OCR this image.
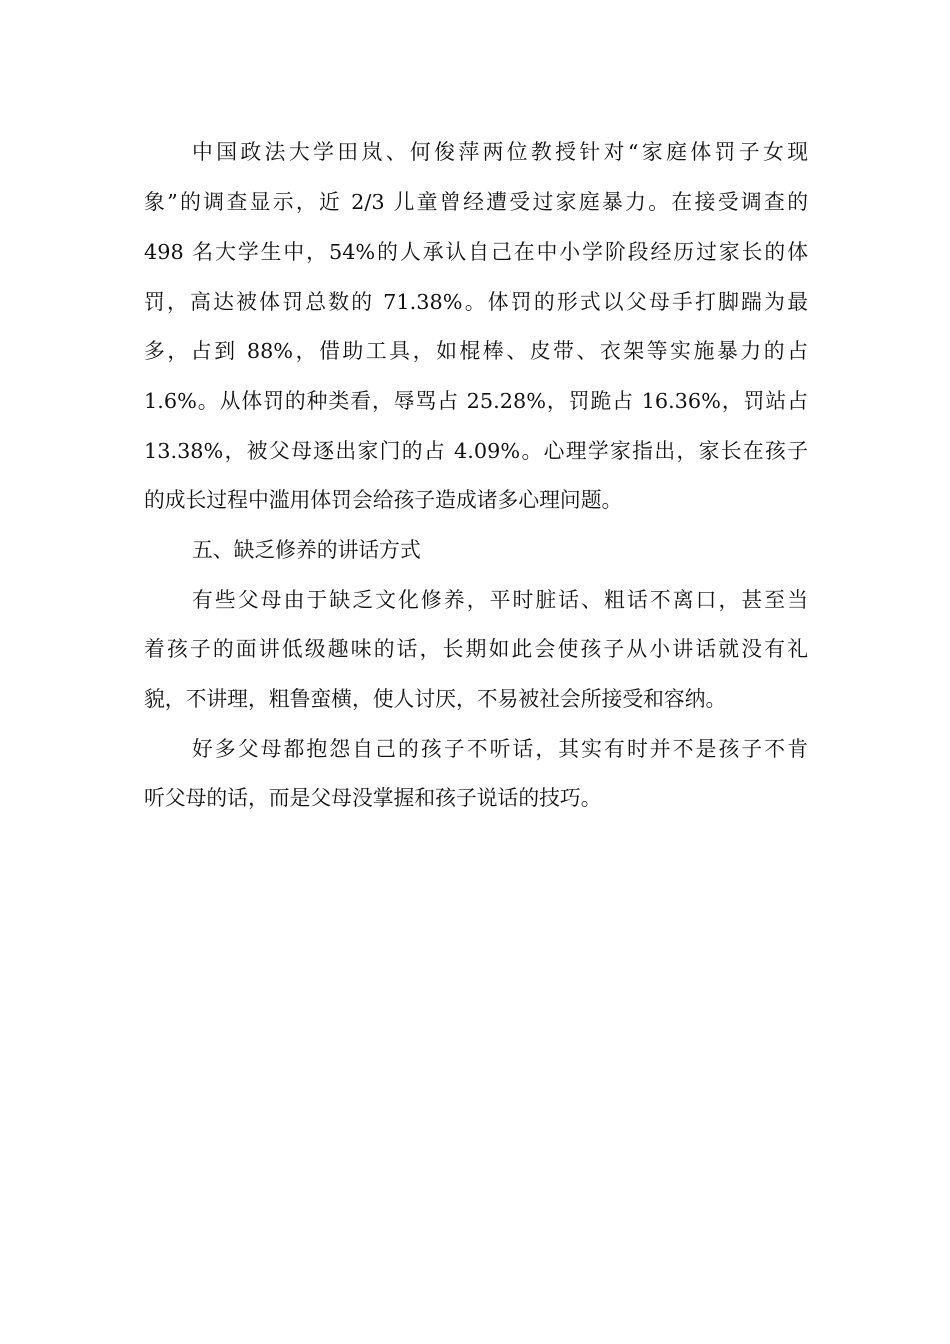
中国政法大学田岚、何俊萍两位教授针对“家庭体罚子女现
象”的调查显示，近 2/3 儿童曾经遭受过家庭暴力。在接受调查的
498 名大学生中，54%的人承认自己在中小学阶段经历过家长的体
罚，高达被体罚总数的 71.38%。体罚的形式以父母手打脚踹为最
多，占到 88%，借助工具，如棍棒、皮带、衣架等实施暴力的占
1.6%。从体罚的种类看，辱骂占 25.28%，罚跪占 16.36%，罚站占
13.38%，被父母逐出家门的占 4.09%。心理学家指出，家长在孩子
的成长过程中滥用体罚会给孩子造成诸多心理问题。
五、缺乏修养的讲话方式
有些父母由于缺乏文化修养，平时脏话、粗话不离口，甚至当
着孩子的面讲低级趣味的话，长期如此会使孩子从小讲话就没有礼
貌，不讲理，粗鲁蛮横，使人讨厌，不易被社会所接受和容纳。
好多父母都抱怨自己的孩子不听话，其实有时并不是孩子不肯
听父母的话，而是父母没掌握和孩子说话的技巧。
